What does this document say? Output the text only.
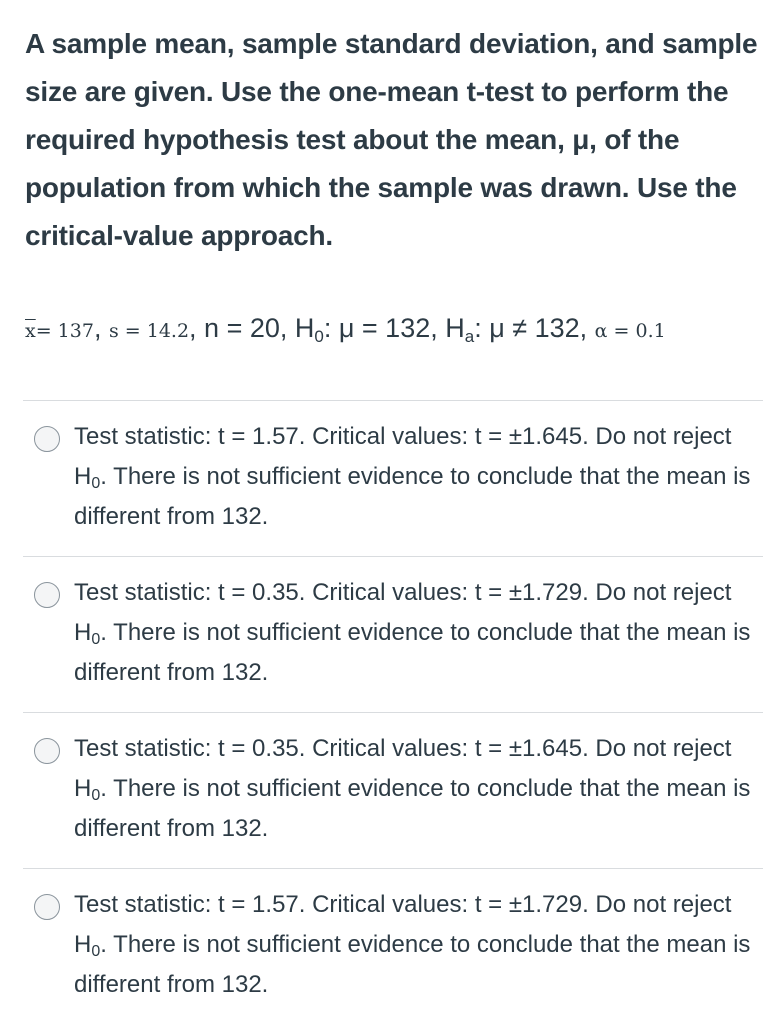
A sample mean, sample standard deviation, and sample size are given. Use the one-mean t-test to perform the required hypothesis test about the mean, μ, of the population from which the sample was drawn. Use the critical-value approach.
$\overline{x}= 137$, s = 14.2, n = 20, $H_0$: μ = 132, $H_a$: μ ≠ 132, α = 0.1
Test statistic: t = 1.57. Critical values: t = ±1.645. Do not reject $H_0$. There is not sufficient evidence to conclude that the mean is different from 132.
Test statistic: t = 0.35. Critical values: t = ±1.729. Do not reject $H_0$. There is not sufficient evidence to conclude that the mean is different from 132.
Test statistic: t = 0.35. Critical values: t = ±1.645. Do not reject $H_0$. There is not sufficient evidence to conclude that the mean is different from 132.
Test statistic: t = 1.57. Critical values: t = ±1.729. Do not reject $H_0$. There is not sufficient evidence to conclude that the mean is different from 132.
